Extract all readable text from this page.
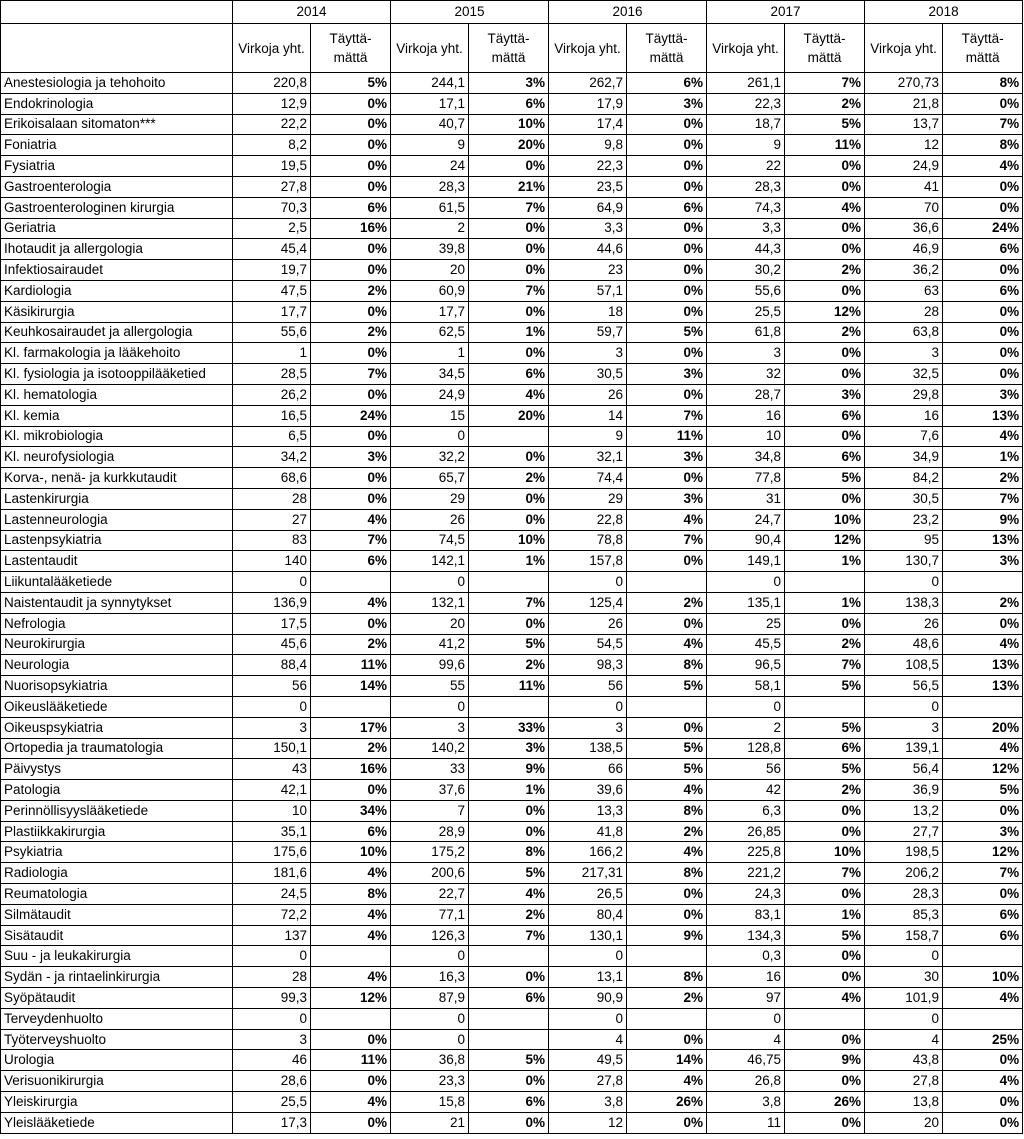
	2014		2015		2016		2017		2018	
	Virkoja yht.	Täyttä-mättä	Virkoja yht.	Täyttä-mättä	Virkoja yht.	Täyttä-mättä	Virkoja yht.	Täyttä-mättä	Virkoja yht.	Täyttä-mättä
Anestesiologia ja tehohoito	220,8	5%	244,1	3%	262,7	6%	261,1	7%	270,73	8%
Endokrinologia	12,9	0%	17,1	6%	17,9	3%	22,3	2%	21,8	0%
Erikoisalaan sitomaton***	22,2	0%	40,7	10%	17,4	0%	18,7	5%	13,7	7%
Foniatria	8,2	0%	9	20%	9,8	0%	9	11%	12	8%
Fysiatria	19,5	0%	24	0%	22,3	0%	22	0%	24,9	4%
Gastroenterologia	27,8	0%	28,3	21%	23,5	0%	28,3	0%	41	0%
Gastroenterologinen kirurgia	70,3	6%	61,5	7%	64,9	6%	74,3	4%	70	0%
Geriatria	2,5	16%	2	0%	3,3	0%	3,3	0%	36,6	24%
Ihotaudit ja allergologia	45,4	0%	39,8	0%	44,6	0%	44,3	0%	46,9	6%
Infektiosairaudet	19,7	0%	20	0%	23	0%	30,2	2%	36,2	0%
Kardiologia	47,5	2%	60,9	7%	57,1	0%	55,6	0%	63	6%
Käsikirurgia	17,7	0%	17,7	0%	18	0%	25,5	12%	28	0%
Keuhkosairaudet ja allergologia	55,6	2%	62,5	1%	59,7	5%	61,8	2%	63,8	0%
Kl. farmakologia ja lääkehoito	1	0%	1	0%	3	0%	3	0%	3	0%
Kl. fysiologia ja isotooppilääketied	28,5	7%	34,5	6%	30,5	3%	32	0%	32,5	0%
Kl. hematologia	26,2	0%	24,9	4%	26	0%	28,7	3%	29,8	3%
Kl. kemia	16,5	24%	15	20%	14	7%	16	6%	16	13%
Kl. mikrobiologia	6,5	0%	0		9	11%	10	0%	7,6	4%
Kl. neurofysiologia	34,2	3%	32,2	0%	32,1	3%	34,8	6%	34,9	1%
Korva-, nenä- ja kurkkutaudit	68,6	0%	65,7	2%	74,4	0%	77,8	5%	84,2	2%
Lastenkirurgia	28	0%	29	0%	29	3%	31	0%	30,5	7%
Lastenneurologia	27	4%	26	0%	22,8	4%	24,7	10%	23,2	9%
Lastenpsykiatria	83	7%	74,5	10%	78,8	7%	90,4	12%	95	13%
Lastentaudit	140	6%	142,1	1%	157,8	0%	149,1	1%	130,7	3%
Liikuntalääketiede	0		0		0		0		0	
Naistentaudit ja synnytykset	136,9	4%	132,1	7%	125,4	2%	135,1	1%	138,3	2%
Nefrologia	17,5	0%	20	0%	26	0%	25	0%	26	0%
Neurokirurgia	45,6	2%	41,2	5%	54,5	4%	45,5	2%	48,6	4%
Neurologia	88,4	11%	99,6	2%	98,3	8%	96,5	7%	108,5	13%
Nuorisopsykiatria	56	14%	55	11%	56	5%	58,1	5%	56,5	13%
Oikeuslääketiede	0		0		0		0		0	
Oikeuspsykiatria	3	17%	3	33%	3	0%	2	5%	3	20%
Ortopedia ja traumatologia	150,1	2%	140,2	3%	138,5	5%	128,8	6%	139,1	4%
Päivystys	43	16%	33	9%	66	5%	56	5%	56,4	12%
Patologia	42,1	0%	37,6	1%	39,6	4%	42	2%	36,9	5%
Perinnöllisyyslääketiede	10	34%	7	0%	13,3	8%	6,3	0%	13,2	0%
Plastiikkakirurgia	35,1	6%	28,9	0%	41,8	2%	26,85	0%	27,7	3%
Psykiatria	175,6	10%	175,2	8%	166,2	4%	225,8	10%	198,5	12%
Radiologia	181,6	4%	200,6	5%	217,31	8%	221,2	7%	206,2	7%
Reumatologia	24,5	8%	22,7	4%	26,5	0%	24,3	0%	28,3	0%
Silmätaudit	72,2	4%	77,1	2%	80,4	0%	83,1	1%	85,3	6%
Sisätaudit	137	4%	126,3	7%	130,1	9%	134,3	5%	158,7	6%
Suu - ja leukakirurgia	0		0		0		0,3	0%	0	
Sydän - ja rintaelinkirurgia	28	4%	16,3	0%	13,1	8%	16	0%	30	10%
Syöpätaudit	99,3	12%	87,9	6%	90,9	2%	97	4%	101,9	4%
Terveydenhuolto	0		0		0		0		0	
Työterveyshuolto	3	0%	0		4	0%	4	0%	4	25%
Urologia	46	11%	36,8	5%	49,5	14%	46,75	9%	43,8	0%
Verisuonikirurgia	28,6	0%	23,3	0%	27,8	4%	26,8	0%	27,8	4%
Yleiskirurgia	25,5	4%	15,8	6%	3,8	26%	3,8	26%	13,8	0%
Yleislääketiede	17,3	0%	21	0%	12	0%	11	0%	20	0%
